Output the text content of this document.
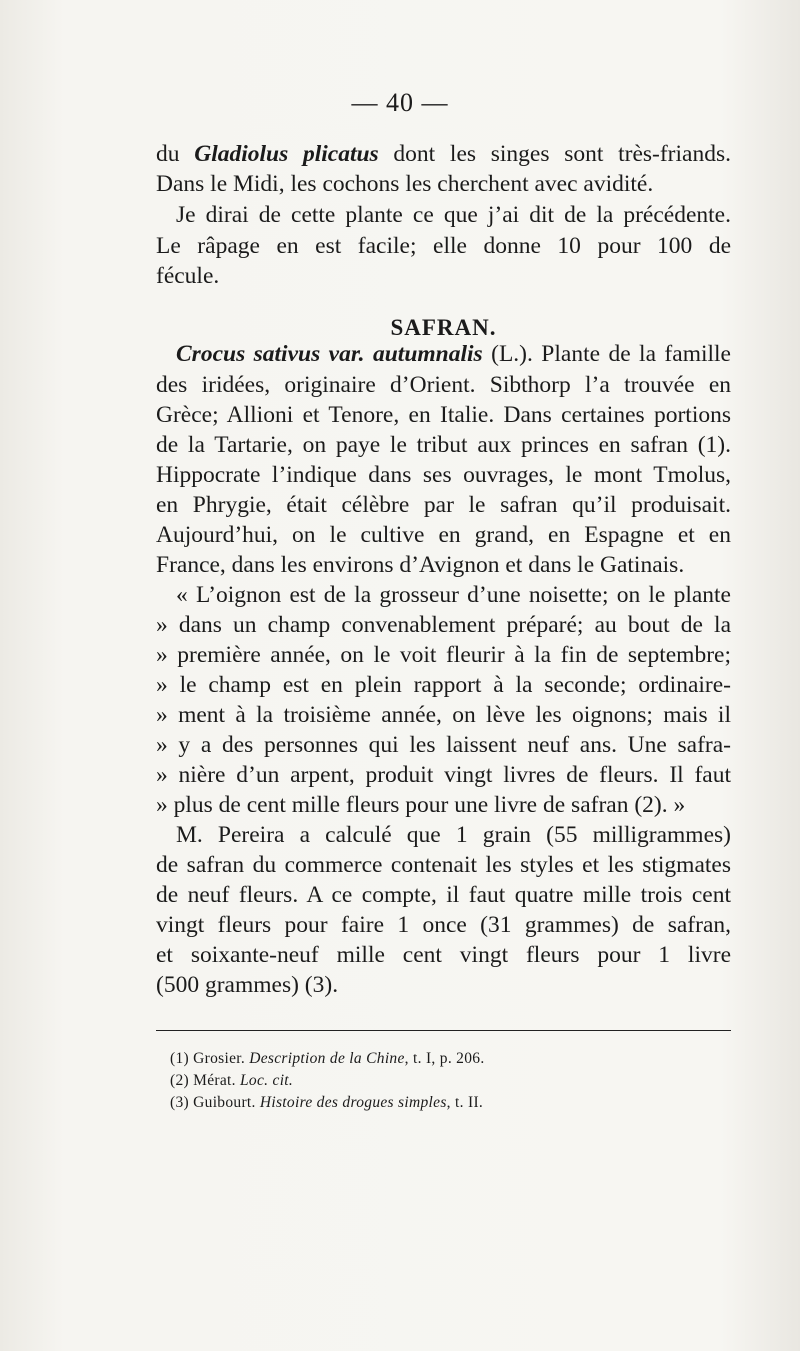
— 40 —
SAFRAN.
du Gladiolus plicatus dont les singes sont très-friands.
Dans le Midi, les cochons les cherchent avec avidité.
Je dirai de cette plante ce que j’ai dit de la précédente.
Le râpage en est facile; elle donne 10 pour 100 de
fécule.
Crocus sativus var. autumnalis (L.). Plante de la famille
des iridées, originaire d’Orient. Sibthorp l’a trouvée en
Grèce; Allioni et Tenore, en Italie. Dans certaines portions
de la Tartarie, on paye le tribut aux princes en safran (1).
Hippocrate l’indique dans ses ouvrages, le mont Tmolus,
en Phrygie, était célèbre par le safran qu’il produisait.
Aujourd’hui, on le cultive en grand, en Espagne et en
France, dans les environs d’Avignon et dans le Gatinais.
« L’oignon est de la grosseur d’une noisette; on le plante
» dans un champ convenablement préparé; au bout de la
» première année, on le voit fleurir à la fin de septembre;
» le champ est en plein rapport à la seconde; ordinaire-
» ment à la troisième année, on lève les oignons; mais il
» y a des personnes qui les laissent neuf ans. Une safra-
» nière d’un arpent, produit vingt livres de fleurs. Il faut
» plus de cent mille fleurs pour une livre de safran (2). »
M. Pereira a calculé que 1 grain (55 milligrammes)
de safran du commerce contenait les styles et les stigmates
de neuf fleurs. A ce compte, il faut quatre mille trois cent
vingt fleurs pour faire 1 once (31 grammes) de safran,
et soixante-neuf mille cent vingt fleurs pour 1 livre
(500 grammes) (3).
(1) Grosier. Description de la Chine, t. I, p. 206.
(2) Mérat. Loc. cit.
(3) Guibourt. Histoire des drogues simples, t. II.
